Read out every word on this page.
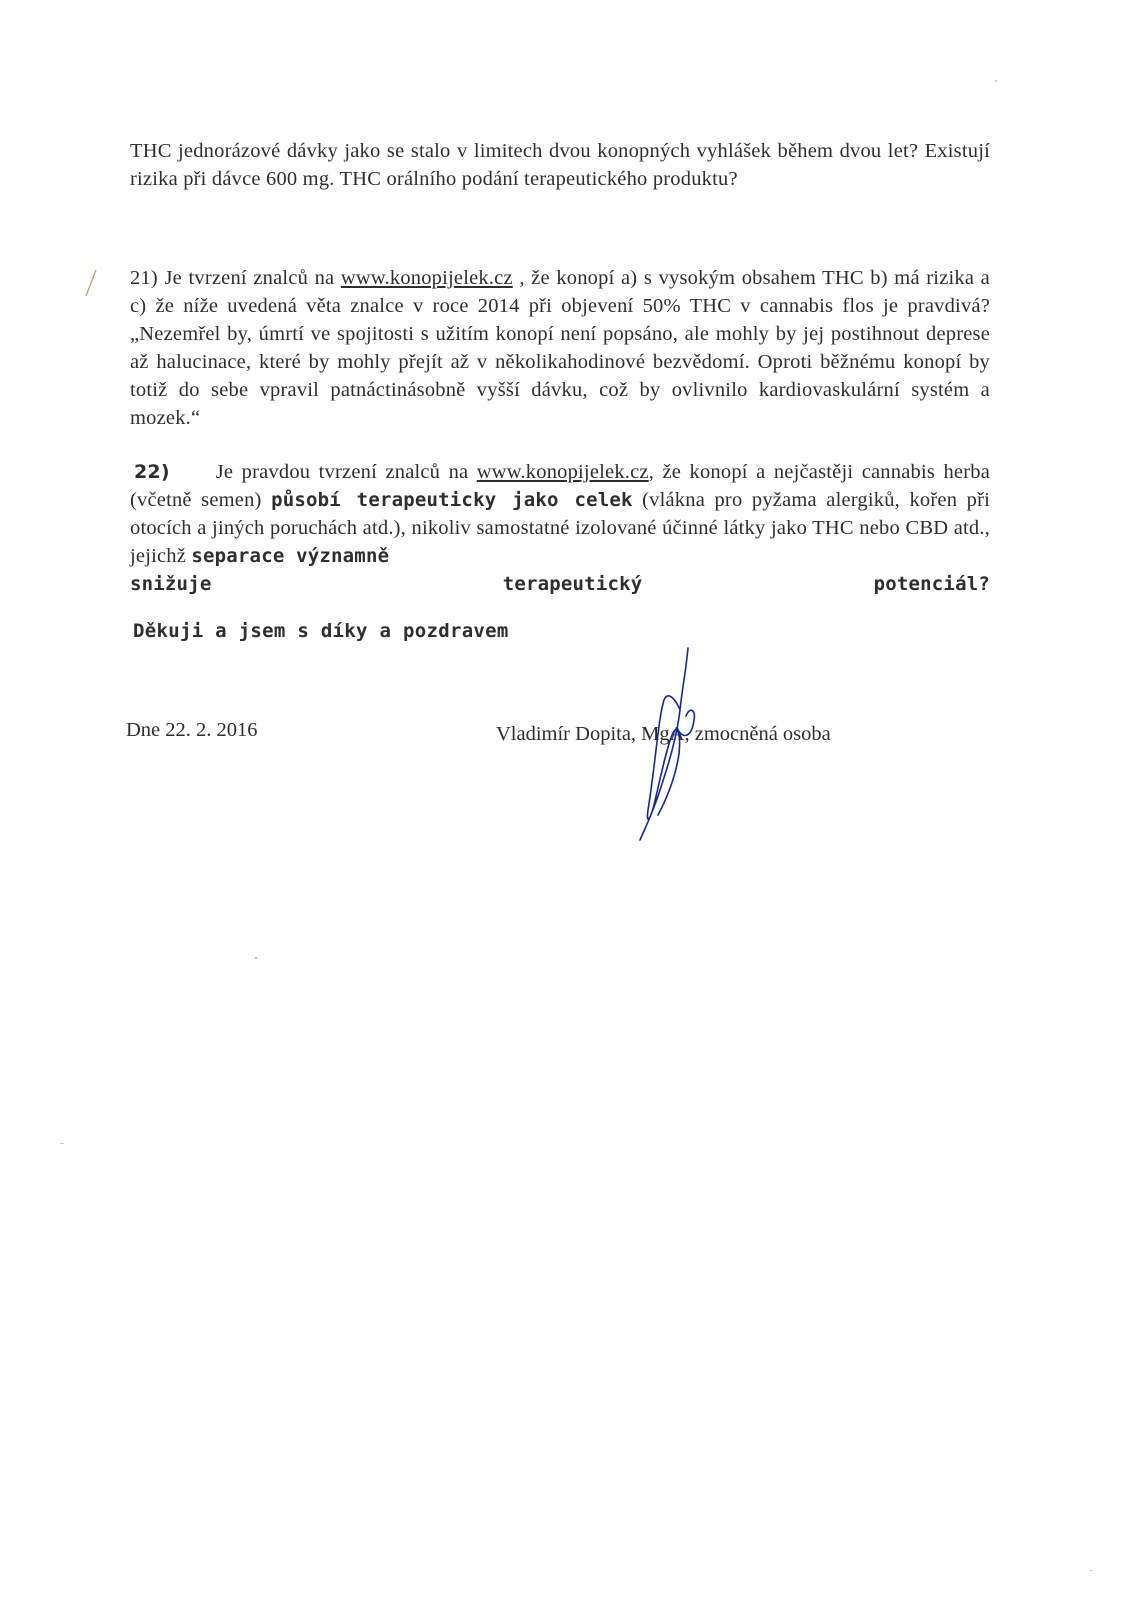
THC jednorázové dávky jako se stalo v limitech dvou konopných vyhlášek během dvou let? Existují rizika při dávce 600 mg. THC orálního podání terapeutického produktu?

21) Je tvrzení znalců na www.konopijelek.cz , že konopí a) s vysokým obsahem THC b) má rizika a c) že níže uvedená věta znalce v roce 2014 při objevení 50% THC v cannabis flos je pravdivá? „Nezemřel by, úmrtí ve spojitosti s užitím konopí není popsáno, ale mohly by jej postihnout deprese až halucinace, které by mohly přejít až v několikahodinové bezvědomí. Oproti běžnému konopí by totiž do sebe vpravil patnáctinásobně vyšší dávku, což by ovlivnilo kardiovaskulární systém a mozek.“

22) Je pravdou tvrzení znalců na www.konopijelek.cz, že konopí a nejčastěji cannabis herba (včetně semen) působí terapeuticky jako celek (vlákna pro pyžama alergiků, kořen při otocích a jiných poruchách atd.), nikoliv samostatné izolované účinné látky jako THC nebo CBD atd., jejichž separace významně
snižuje	terapeutický	potenciál?
Děkuji a jsem s díky a pozdravem
Dne 22. 2. 2016	Vladimír Dopita, MgA, zmocněná osoba
